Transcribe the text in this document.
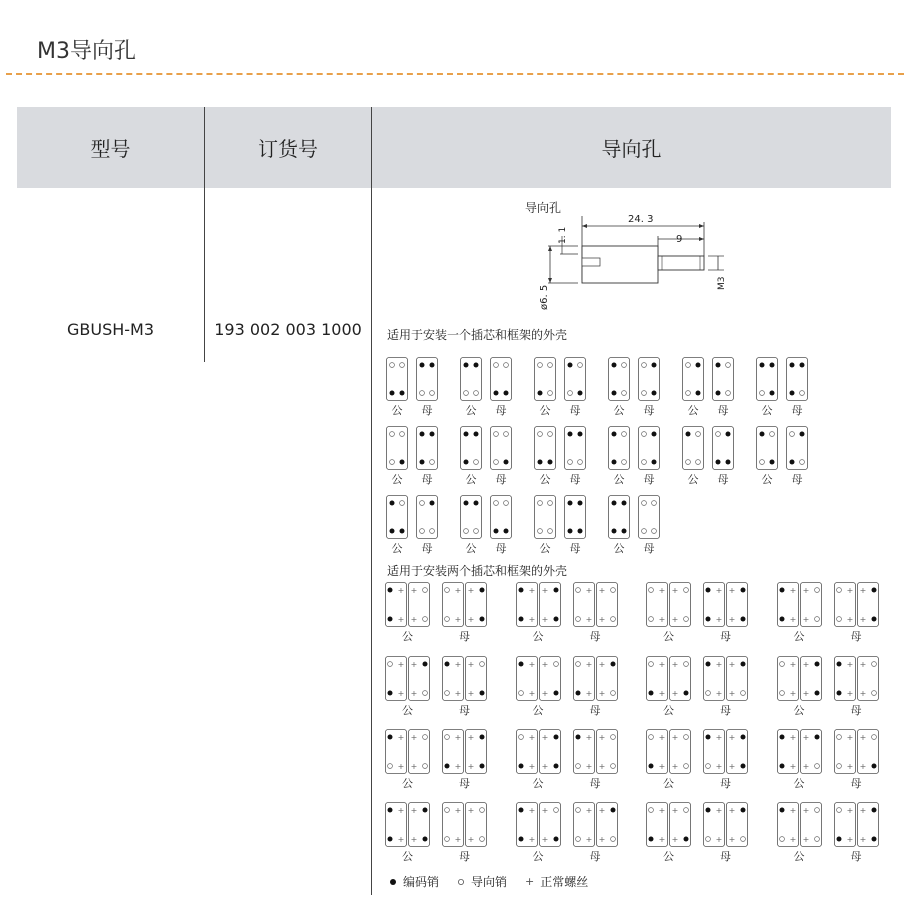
M3导向孔
型号	订货号	导向孔
GBUSH-M3	193 002 003 1000
导向孔
24. 3
9
ø6. 5
1. 1
M3
适用于安装一个插芯和框架的外壳
适用于安装两个插芯和框架的外壳
公	母	公	母	公	母	公	母	公	母	公	母
公	母	公	母	公	母	公	母	公	母	公	母
公	母	公	母	公	母	公	母
+ +
+ +
公
+ +
+ +
母
+ +
+ +
公
+ +
+ +
母
+ +
+ +
公
+ +
+ +
母
+ +
+ +
公
+ +
+ +
母
+ +
+ +
公
+ +
+ +
母
+ +
+ +
公
+ +
+ +
母
+ +
+ +
公
+ +
+ +
母
+ +
+ +
公
+ +
+ +
母
+ +
+ +
公
+ +
+ +
母
+ +
+ +
公
+ +
+ +
母
+ +
+ +
公
+ +
+ +
母
+ +
+ +
公
+ +
+ +
母
+ +
+ +
公
+ +
+ +
母
+ +
+ +
公
+ +
+ +
母
+ +
+ +
公
+ +
+ +
母
+ +
+ +
公
+ +
+ +
母
编码销	导向销 + 正常螺丝
